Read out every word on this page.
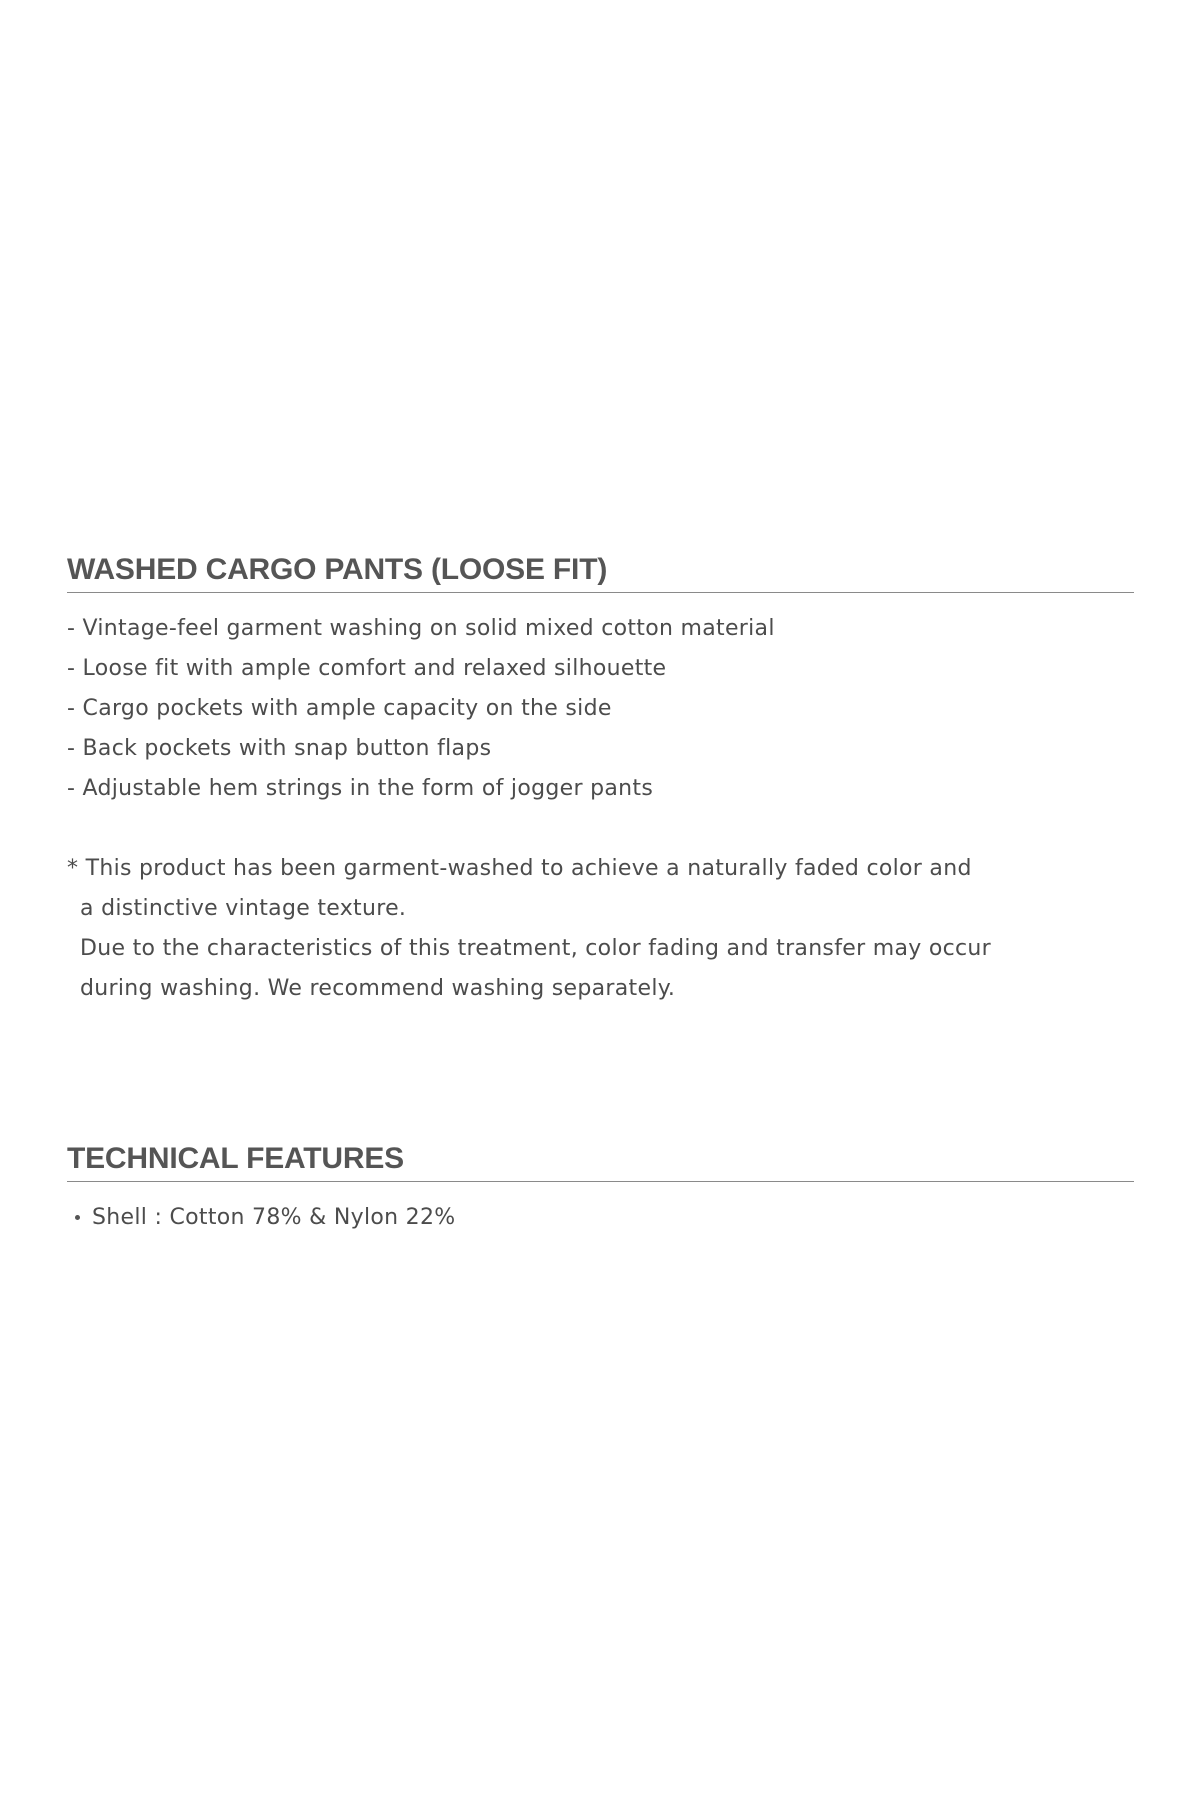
WASHED CARGO PANTS (LOOSE FIT)
- Vintage-feel garment washing on solid mixed cotton material
- Loose fit with ample comfort and relaxed silhouette
- Cargo pockets with ample capacity on the side
- Back pockets with snap button flaps
- Adjustable hem strings in the form of jogger pants
* This product has been garment-washed to achieve a naturally faded color and
a distinctive vintage texture.
Due to the characteristics of this treatment, color fading and transfer may occur
during washing. We recommend washing separately.
TECHNICAL FEATURES
Shell : Cotton 78% & Nylon 22%
